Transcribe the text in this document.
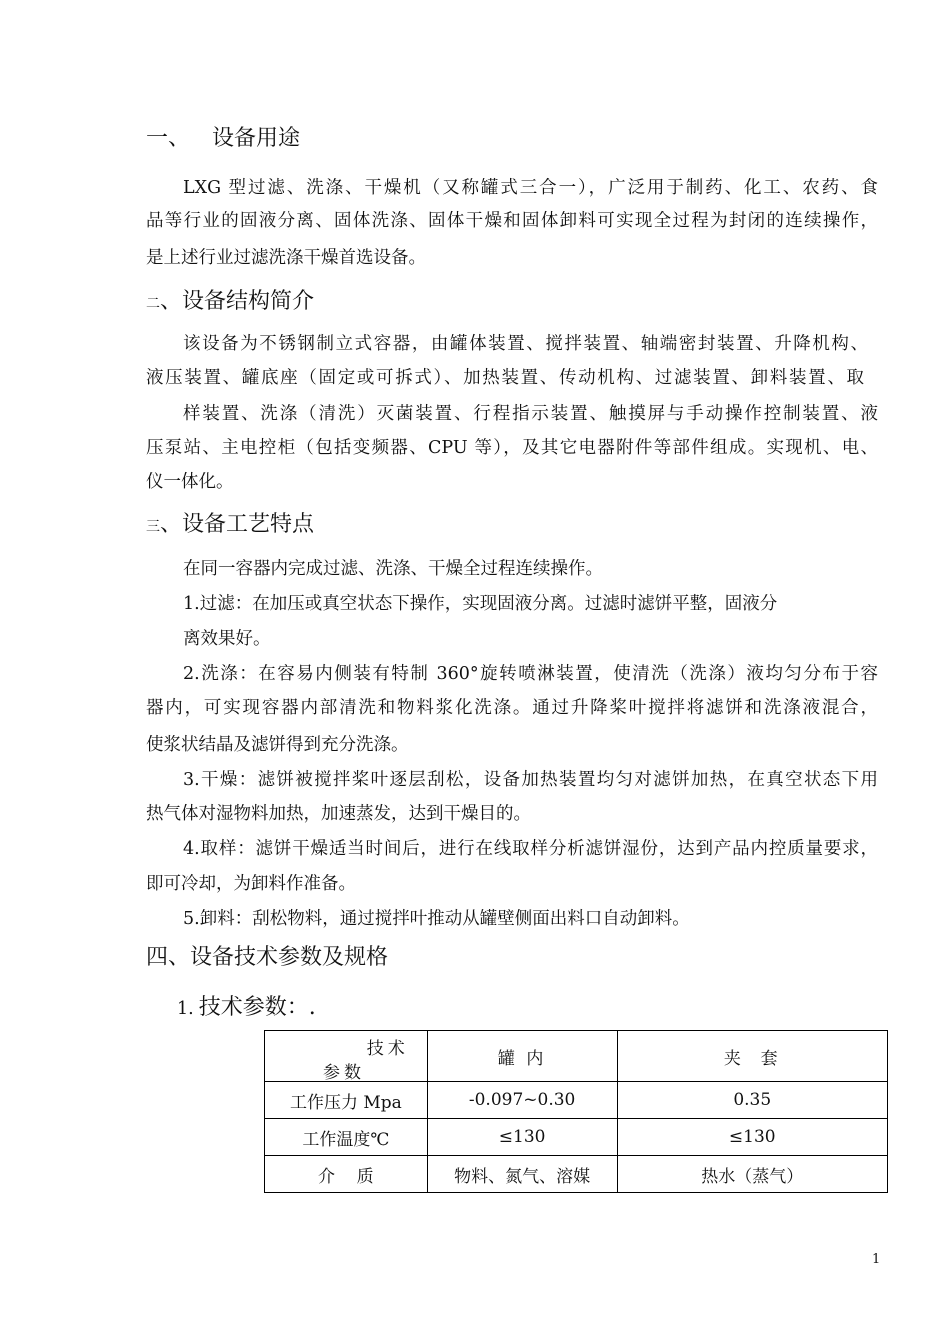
一、 设备用途

LXG 型过滤、洗涤、干燥机（又称罐式三合一），广泛用于制药、化工、农药、食

品等行业的固液分离、固体洗涤、固体干燥和固体卸料可实现全过程为封闭的连续操作，

是上述行业过滤洗涤干燥首选设备。

二、设备结构简介

该设备为不锈钢制立式容器，由罐体装置、搅拌装置、轴端密封装置、升降机构、

液压装置、罐底座（固定或可拆式）、加热装置、传动机构、过滤装置、卸料装置、取

样装置、洗涤（清洗）灭菌装置、行程指示装置、触摸屏与手动操作控制装置、液

压泵站、主电控柜（包括变频器、CPU 等），及其它电器附件等部件组成。实现机、电、

仪一体化。

三、设备工艺特点

在同一容器内完成过滤、洗涤、干燥全过程连续操作。

1.过滤：在加压或真空状态下操作，实现固液分离。过滤时滤饼平整，固液分

离效果好。

2.洗涤：在容易内侧装有特制 360°旋转喷淋装置，使清洗（洗涤）液均匀分布于容

器内，可实现容器内部清洗和物料浆化洗涤。通过升降桨叶搅拌将滤饼和洗涤液混合，

使浆状结晶及滤饼得到充分洗涤。

3.干燥：滤饼被搅拌桨叶逐层刮松，设备加热装置均匀对滤饼加热，在真空状态下用

热气体对湿物料加热，加速蒸发，达到干燥目的。

4.取样：滤饼干燥适当时间后，进行在线取样分析滤饼湿份，达到产品内控质量要求，

即可冷却，为卸料作准备。

5.卸料：刮松物料，通过搅拌叶推动从罐壁侧面出料口自动卸料。

四、设备技术参数及规格
1. 技术参数：.
技术
参数	罐 内	夹  套
工作压力 Mpa	-0.097~0.30	0.35
工作温度℃	≤130	≤130
介    质	物料、氮气、溶媒	热水（蒸气）
1
